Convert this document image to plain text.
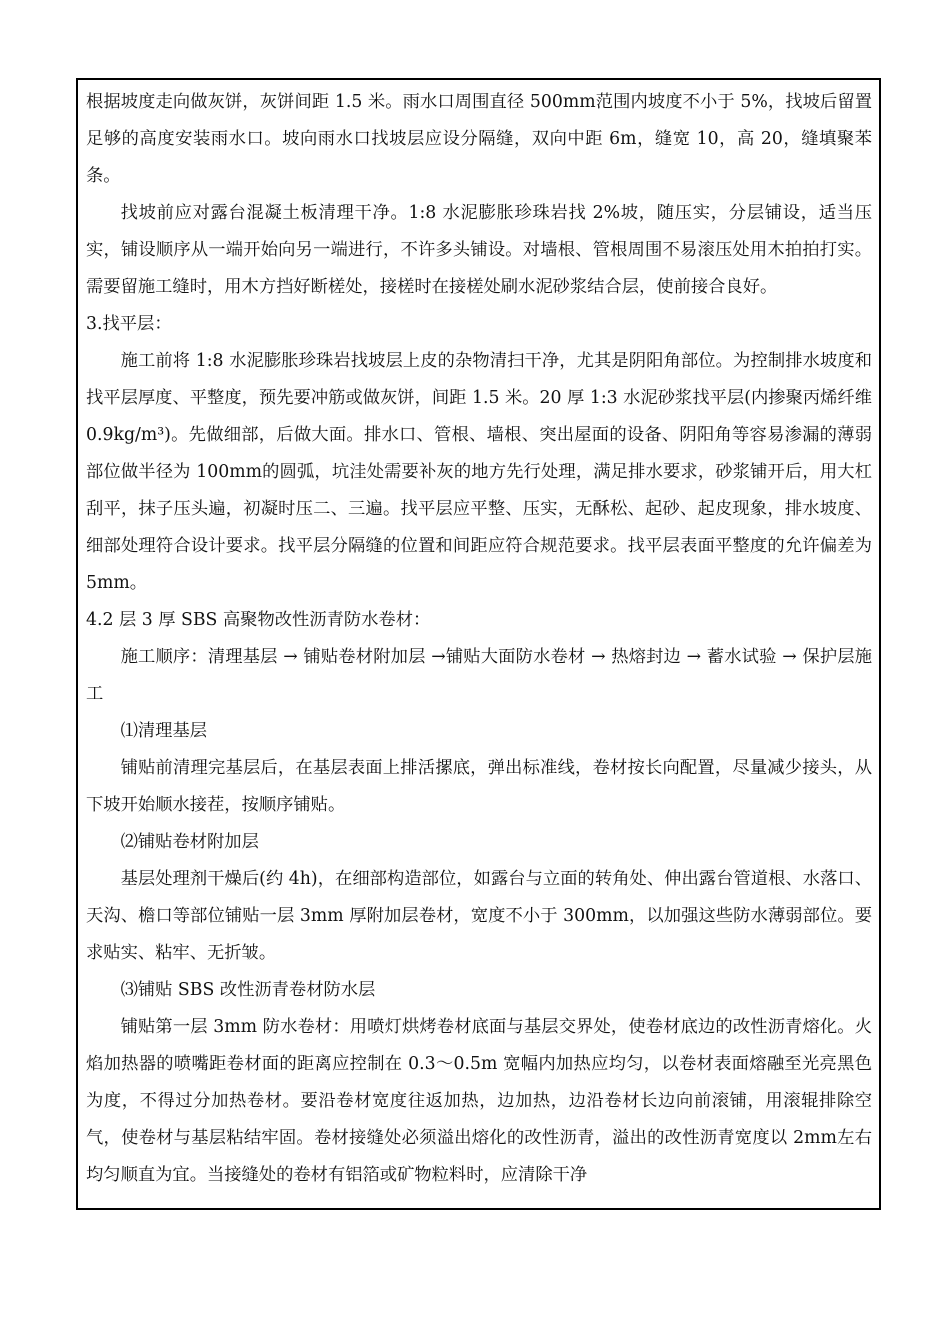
根据坡度走向做灰饼，灰饼间距 1.5 米。雨水口周围直径 500mm范围内坡度不小于 5%，找坡后留置足够的高度安装雨水口。坡向雨水口找坡层应设分隔缝，双向中距 6m，缝宽 10，高 20，缝填聚苯条。

找坡前应对露台混凝土板清理干净。1:8 水泥膨胀珍珠岩找 2%坡，随压实，分层铺设，适当压实，铺设顺序从一端开始向另一端进行，不许多头铺设。对墙根、管根周围不易滚压处用木拍拍打实。需要留施工缝时，用木方挡好断槎处，接槎时在接槎处刷水泥砂浆结合层，使前接合良好。

3.找平层：

施工前将 1:8 水泥膨胀珍珠岩找坡层上皮的杂物清扫干净，尤其是阴阳角部位。为控制排水坡度和找平层厚度、平整度，预先要冲筋或做灰饼，间距 1.5 米。20 厚 1:3 水泥砂浆找平层(内掺聚丙烯纤维 0.9kg/m³)。先做细部，后做大面。排水口、管根、墙根、突出屋面的设备、阴阳角等容易渗漏的薄弱部位做半径为 100mm的圆弧，坑洼处需要补灰的地方先行处理，满足排水要求，砂浆铺开后，用大杠刮平，抹子压头遍，初凝时压二、三遍。找平层应平整、压实，无酥松、起砂、起皮现象，排水坡度、细部处理符合设计要求。找平层分隔缝的位置和间距应符合规范要求。找平层表面平整度的允许偏差为 5mm。

4.2 层 3 厚 SBS 高聚物改性沥青防水卷材：

施工顺序：清理基层 → 铺贴卷材附加层 →铺贴大面防水卷材 → 热熔封边 → 蓄水试验 → 保护层施工

⑴清理基层

铺贴前清理完基层后，在基层表面上排活摞底，弹出标准线，卷材按长向配置，尽量减少接头，从下坡开始顺水接茬，按顺序铺贴。

⑵铺贴卷材附加层

基层处理剂干燥后(约 4h)，在细部构造部位，如露台与立面的转角处、伸出露台管道根、水落口、天沟、檐口等部位铺贴一层 3mm 厚附加层卷材，宽度不小于 300mm，以加强这些防水薄弱部位。要求贴实、粘牢、无折皱。

⑶铺贴 SBS 改性沥青卷材防水层

铺贴第一层 3mm 防水卷材：用喷灯烘烤卷材底面与基层交界处，使卷材底边的改性沥青熔化。火焰加热器的喷嘴距卷材面的距离应控制在 0.3～0.5m 宽幅内加热应均匀，以卷材表面熔融至光亮黑色为度，不得过分加热卷材。要沿卷材宽度往返加热，边加热，边沿卷材长边向前滚铺，用滚辊排除空气，使卷材与基层粘结牢固。卷材接缝处必须溢出熔化的改性沥青，溢出的改性沥青宽度以 2mm左右均匀顺直为宜。当接缝处的卷材有铝箔或矿物粒料时，应清除干净
